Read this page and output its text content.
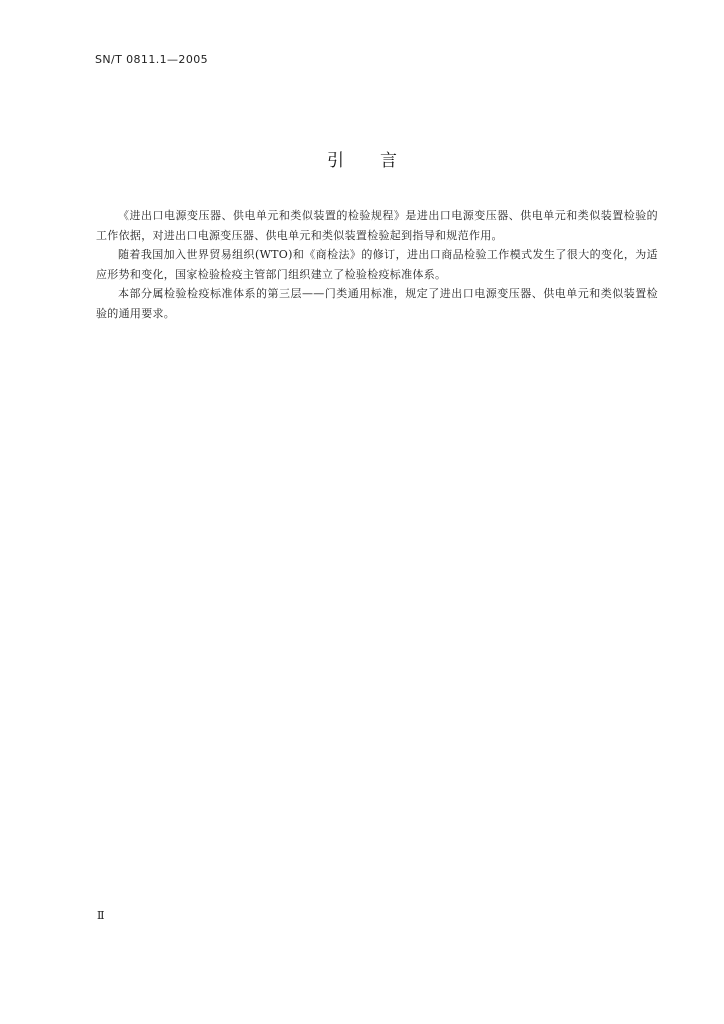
SN/T 0811.1—2005
引言

《进出口电源变压器、供电单元和类似装置的检验规程》是进出口电源变压器、供电单元和类似装置检验的工作依据，对进出口电源变压器、供电单元和类似装置检验起到指导和规范作用。

随着我国加入世界贸易组织(WTO)和《商检法》的修订，进出口商品检验工作模式发生了很大的变化，为适应形势和变化，国家检验检疫主管部门组织建立了检验检疫标准体系。

本部分属检验检疫标准体系的第三层——门类通用标准，规定了进出口电源变压器、供电单元和类似装置检验的通用要求。

Ⅱ
